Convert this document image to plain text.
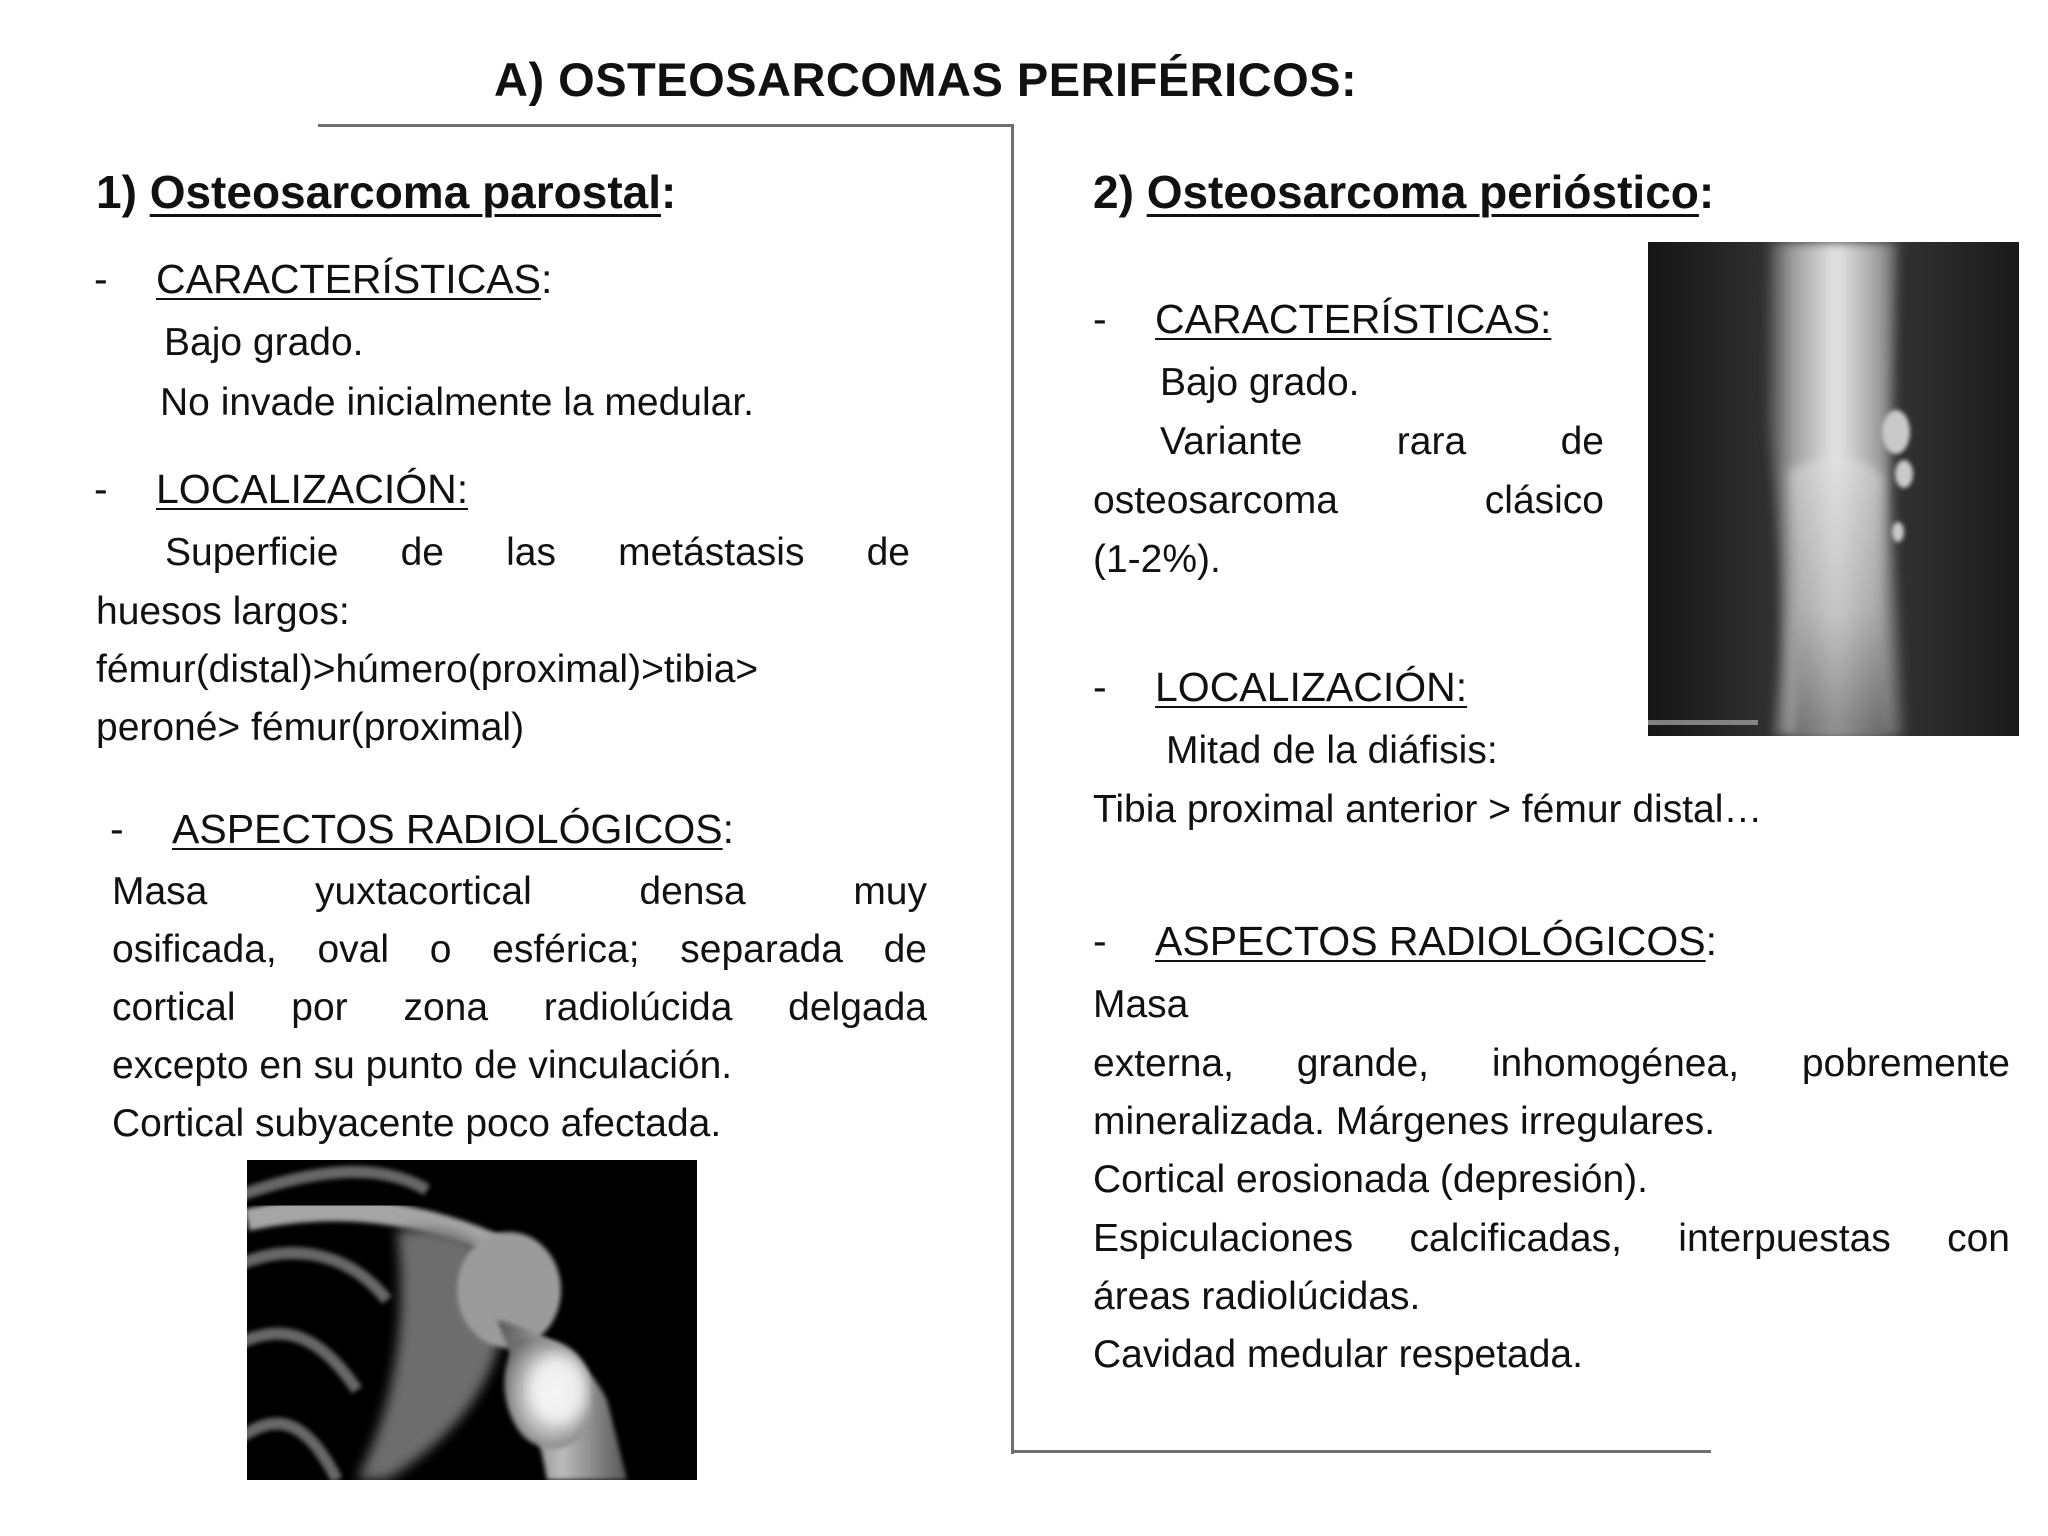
A) OSTEOSARCOMAS PERIFÉRICOS:
1) Osteosarcoma parostal:
- CARACTERÍSTICAS:
Bajo grado.
No invade inicialmente la medular.
- LOCALIZACIÓN:
Superficie de las metástasis de
huesos largos:
fémur(distal)>húmero(proximal)>tibia>
peroné> fémur(proximal)
- ASPECTOS RADIOLÓGICOS:
Masa yuxtacortical densa muy
osificada, oval o esférica; separada de
cortical por zona radiolúcida delgada
excepto en su punto de vinculación.
Cortical subyacente poco afectada.
2) Osteosarcoma perióstico:
- CARACTERÍSTICAS:
Bajo grado.
Variante rara de
osteosarcoma clásico
(1-2%).
- LOCALIZACIÓN:
Mitad de la diáfisis:
Tibia proximal anterior > fémur distal…
- ASPECTOS RADIOLÓGICOS:
Masa
externa, grande, inhomogénea, pobremente
mineralizada. Márgenes irregulares.
Cortical erosionada (depresión).
Espiculaciones calcificadas, interpuestas con
áreas radiolúcidas.
Cavidad medular respetada.
